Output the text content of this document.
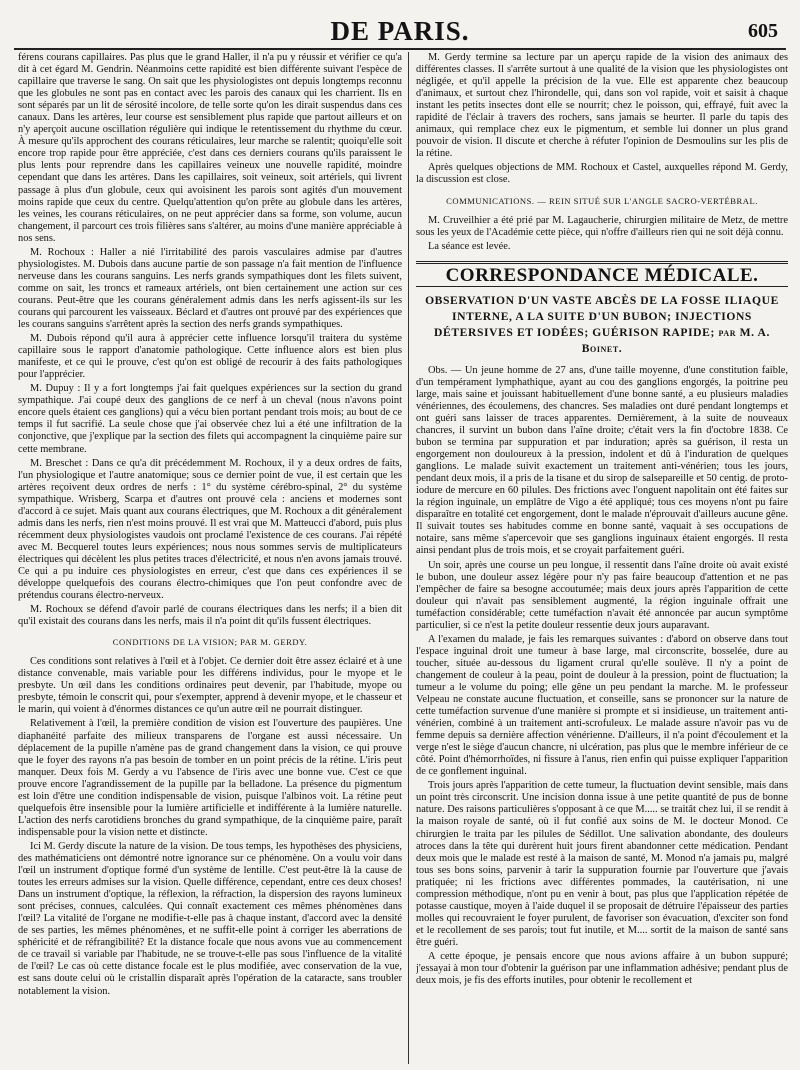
DE PARIS.	605

férens courans capillaires. Pas plus que le grand Haller, il n'a pu y réussir et vérifier ce qu'a dit à cet égard M. Gendrin. Néanmoins cette rapidité est bien différente suivant l'espèce de capillaire que traverse le sang. On sait que les physiologistes ont depuis longtemps reconnu que les globules ne sont pas en contact avec les parois des canaux qui les charrient. Ils en sont séparés par un lit de sérosité incolore, de telle sorte qu'on les dirait suspendus dans ces canaux. Dans les artères, leur course est sensiblement plus rapide que partout ailleurs et on n'y aperçoit aucune oscillation régulière qui indique le retentissement du rhythme du cœur. À mesure qu'ils approchent des courans réticulaires, leur marche se ralentit; quoiqu'elle soit encore trop rapide pour être appréciée, c'est dans ces derniers courans qu'ils paraissent le plus lents pour reprendre dans les capillaires veineux une nouvelle rapidité, moindre cependant que dans les artères. Dans les capillaires, soit veineux, soit artériels, qui livrent passage à plus d'un globule, ceux qui avoisinent les parois sont agités d'un mouvement moins rapide que ceux du centre. Quelqu'attention qu'on prête au globule dans les artères, les veines, les courans réticulaires, on ne peut apprécier dans sa forme, son volume, aucun changement, il parcourt ces trois filières sans s'altérer, au moins d'une manière appréciable à nos sens.

M. Rochoux : Haller a nié l'irritabilité des parois vasculaires admise par d'autres physiologistes. M. Dubois dans aucune partie de son passage n'a fait mention de l'influence nerveuse dans les courans sanguins. Les nerfs grands sympathiques dont les filets suivent, comme on sait, les troncs et rameaux artériels, ont bien certainement une action sur ces courans. Peut-être que les courans généralement admis dans les nerfs agissent-ils sur les courans qui parcourent les vaisseaux. Béclard et d'autres ont prouvé par des expériences que les courans sanguins s'arrêtent après la section des nerfs grands sympathiques.

M. Dubois répond qu'il aura à apprécier cette influence lorsqu'il traitera du système capillaire sous le rapport d'anatomie pathologique. Cette influence alors est bien plus manifeste, et ce qui le prouve, c'est qu'on est obligé de recourir à des faits pathologiques pour l'apprécier.

M. Dupuy : Il y a fort longtemps j'ai fait quelques expériences sur la section du grand sympathique. J'ai coupé deux des ganglions de ce nerf à un cheval (nous n'avons point encore quels étaient ces ganglions) qui a vécu bien portant pendant trois mois; au bout de ce temps il fut sacrifié. La seule chose que j'ai observée chez lui a été une infiltration de la conjonctive, que j'explique par la section des filets qui accompagnent la cinquième paire sur cette membrane.

M. Breschet : Dans ce qu'a dit précédemment M. Rochoux, il y a deux ordres de faits, l'un physiologique et l'autre anatomique; sous ce dernier point de vue, il est certain que les artères reçoivent deux ordres de nerfs : 1° du système cérébro-spinal, 2° du système sympathique. Wrisberg, Scarpa et d'autres ont prouvé cela : anciens et modernes sont d'accord à ce sujet. Mais quant aux courans électriques, que M. Rochoux a dit généralement admis dans les nerfs, rien n'est moins prouvé. Il est vrai que M. Matteucci d'abord, puis plus récemment deux physiologistes vaudois ont proclamé l'existence de ces courans. J'ai répété avec M. Becquerel toutes leurs expériences; nous nous sommes servis de multiplicateurs électriques qui décèlent les plus petites traces d'électricité, et nous n'en avons jamais trouvé. Ce qui a pu induire ces physiologistes en erreur, c'est que dans ces expériences il se développe quelquefois des courans électro-chimiques que l'on peut confondre avec de prétendus courans électro-nerveux.

M. Rochoux se défend d'avoir parlé de courans électriques dans les nerfs; il a bien dit qu'il existait des courans dans les nerfs, mais il n'a point dit qu'ils fussent électriques.

CONDITIONS DE LA VISION; PAR M. GERDY.

Ces conditions sont relatives à l'œil et à l'objet. Ce dernier doit être assez éclairé et à une distance convenable, mais variable pour les différens individus, pour le myope et le presbyte. Un œil dans les conditions ordinaires peut devenir, par l'habitude, myope ou presbyte, témoin le conscrit qui, pour s'exempter, apprend à devenir myope, et le chasseur et le marin, qui voient à d'énormes distances ce qu'un autre œil ne pourrait distinguer.

Relativement à l'œil, la première condition de vision est l'ouverture des paupières. Une diaphanéité parfaite des milieux transparens de l'organe est aussi nécessaire. Un déplacement de la pupille n'amène pas de grand changement dans la vision, ce qui prouve que le foyer des rayons n'a pas besoin de tomber en un point précis de la rétine. L'iris peut manquer. Deux fois M. Gerdy a vu l'absence de l'iris avec une bonne vue. C'est ce que prouve encore l'agrandissement de la pupille par la belladone. La présence du pigmentum est loin d'être une condition indispensable de vision, puisque l'albinos voit. La rétine peut quelquefois être insensible pour la lumière artificielle et indifférente à la lumière naturelle. L'action des nerfs carotidiens bronches du grand sympathique, de la cinquième paire, paraît indispensable pour la vision nette et distincte.

Ici M. Gerdy discute la nature de la vision. De tous temps, les hypothèses des physiciens, des mathématiciens ont démontré notre ignorance sur ce phénomène. On a voulu voir dans l'œil un instrument d'optique formé d'un système de lentille. C'est peut-être là la cause de toutes les erreurs admises sur la vision. Quelle différence, cependant, entre ces deux choses! Dans un instrument d'optique, la réflexion, la réfraction, la dispersion des rayons lumineux sont précises, connues, calculées. Qui connaît exactement ces mêmes phénomènes dans l'œil? La vitalité de l'organe ne modifie-t-elle pas à chaque instant, d'accord avec la densité de ses parties, les mêmes phénomènes, et ne suffit-elle point à corriger les aberrations de sphéricité et de réfrangibilité? Et la distance focale que nous avons vue au commencement de ce travail si variable par l'habitude, ne se trouve-t-elle pas sous l'influence de la vitalité de l'œil? Le cas où cette distance focale est le plus modifiée, avec conservation de la vue, est sans doute celui où le cristallin disparaît après l'opération de la cataracte, sans troubler notablement la vision.

M. Gerdy termine sa lecture par un aperçu rapide de la vision des animaux des différentes classes. Il s'arrête surtout à une qualité de la vision que les physiologistes ont négligée, et qu'il appelle la précision de la vue. Elle est apparente chez beaucoup d'animaux, et surtout chez l'hirondelle, qui, dans son vol rapide, voit et saisit à chaque instant les petits insectes dont elle se nourrit; chez le poisson, qui, effrayé, fuit avec la rapidité de l'éclair à travers des rochers, sans jamais se heurter. Il parle du tapis des animaux, qui remplace chez eux le pigmentum, et semble lui donner un plus grand pouvoir de vision. Il discute et cherche à réfuter l'opinion de Desmoulins sur les plis de la rétine.

Après quelques objections de MM. Rochoux et Castel, auxquelles répond M. Gerdy, la discussion est close.

COMMUNICATIONS. — REIN SITUÉ SUR L'ANGLE SACRO-VERTÉBRAL.

M. Cruveilhier a été prié par M. Lagaucherie, chirurgien militaire de Metz, de mettre sous les yeux de l'Académie cette pièce, qui n'offre d'ailleurs rien qui ne soit déjà connu.

La séance est levée.

CORRESPONDANCE MÉDICALE.
OBSERVATION D'UN VASTE ABCÈS DE LA FOSSE ILIAQUE INTERNE, A LA SUITE D'UN BUBON; INJECTIONS DÉTERSIVES ET IODÉES; GUÉRISON RAPIDE; par M. A. Boinet.

Obs. — Un jeune homme de 27 ans, d'une taille moyenne, d'une constitution faible, d'un tempérament lymphathique, ayant au cou des ganglions engorgés, la poitrine peu large, mais saine et jouissant habituellement d'une bonne santé, a eu plusieurs maladies vénériennes, des écoulemens, des chancres. Ses maladies ont duré pendant longtemps et ont guéri sans laisser de traces apparentes. Dernièrement, à la suite de nouveaux chancres, il survint un bubon dans l'aîne droite; c'était vers la fin d'octobre 1838. Ce bubon se termina par suppuration et par induration; après sa guérison, il resta un engorgement non douloureux à la pression, indolent et dû à l'induration de quelques ganglions. Le malade suivit exactement un traitement anti-vénérien; tous les jours, pendant deux mois, il a pris de la tisane et du sirop de salsepareille et 50 centig. de proto-iodure de mercure en 60 pilules. Des frictions avec l'onguent napolitain ont été faites sur la région inguinale, un emplâtre de Vigo a été appliqué; tous ces moyens n'ont pu faire disparaître en totalité cet engorgement, dont le malade n'éprouvait d'ailleurs aucune gêne. Il suivait toutes ses habitudes comme en bonne santé, vaquait à ses occupations de notaire, sans même s'apercevoir que ses ganglions inguinaux étaient engorgés. Il resta ainsi pendant plus de trois mois, et se croyait parfaitement guéri.

Un soir, après une course un peu longue, il ressentit dans l'aîne droite où avait existé le bubon, une douleur assez légère pour n'y pas faire beaucoup d'attention et ne pas l'empêcher de faire sa besogne accoutumée; mais deux jours après l'apparition de cette douleur qui n'avait pas sensiblement augmenté, la région inguinale offrait une tuméfaction considérable; cette tuméfaction n'avait été annoncée par aucun symptôme particulier, si ce n'est la petite douleur ressentie deux jours auparavant.

A l'examen du malade, je fais les remarques suivantes : d'abord on observe dans tout l'espace inguinal droit une tumeur à base large, mal circonscrite, bosselée, dure au toucher, située au-dessous du ligament crural qu'elle soulève. Il n'y a point de changement de couleur à la peau, point de douleur à la pression, point de fluctuation; la tumeur a le volume du poing; elle gêne un peu pendant la marche. M. le professeur Velpeau ne constate aucune fluctuation, et conseille, sans se prononcer sur la nature de cette tuméfaction survenue d'une manière si prompte et si insidieuse, un traitement anti-vénérien, combiné à un traitement anti-scrofuleux. Le malade assure n'avoir pas vu de femme depuis sa dernière affection vénérienne. D'ailleurs, il n'a point d'écoulement et la verge n'est le siège d'aucun chancre, ni ulcération, pas plus que le membre inférieur de ce côté. Point d'hémorrhoïdes, ni fissure à l'anus, rien enfin qui puisse expliquer l'apparition de ce gonflement inguinal.

Trois jours après l'apparition de cette tumeur, la fluctuation devint sensible, mais dans un point très circonscrit. Une incision donna issue à une petite quantité de pus de bonne nature. Des raisons particulières s'opposant à ce que M..... se traitât chez lui, il se rendit à la maison royale de santé, où il fut confié aux soins de M. le docteur Monod. Ce chirurgien le traita par les pilules de Sédillot. Une salivation abondante, des douleurs atroces dans la tête qui durèrent huit jours firent abandonner cette médication. Pendant deux mois que le malade est resté à la maison de santé, M. Monod n'a jamais pu, malgré tous ses bons soins, parvenir à tarir la suppuration fournie par l'ouverture que j'avais pratiquée; ni les frictions avec différentes pommades, la cautérisation, ni une compression méthodique, n'ont pu en venir à bout, pas plus que l'application répétée de potasse caustique, moyen à l'aide duquel il se proposait de détruire l'épaisseur des parties molles qui recouvraient le foyer purulent, de favoriser son évacuation, d'exciter son fond et le recollement de ses parois; tout fut inutile, et M.... sortit de la maison de santé sans être guéri.

A cette époque, je pensais encore que nous avions affaire à un bubon suppuré; j'essayai à mon tour d'obtenir la guérison par une inflammation adhésive; pendant plus de deux mois, je fis des efforts inutiles, pour obtenir le recollement et
